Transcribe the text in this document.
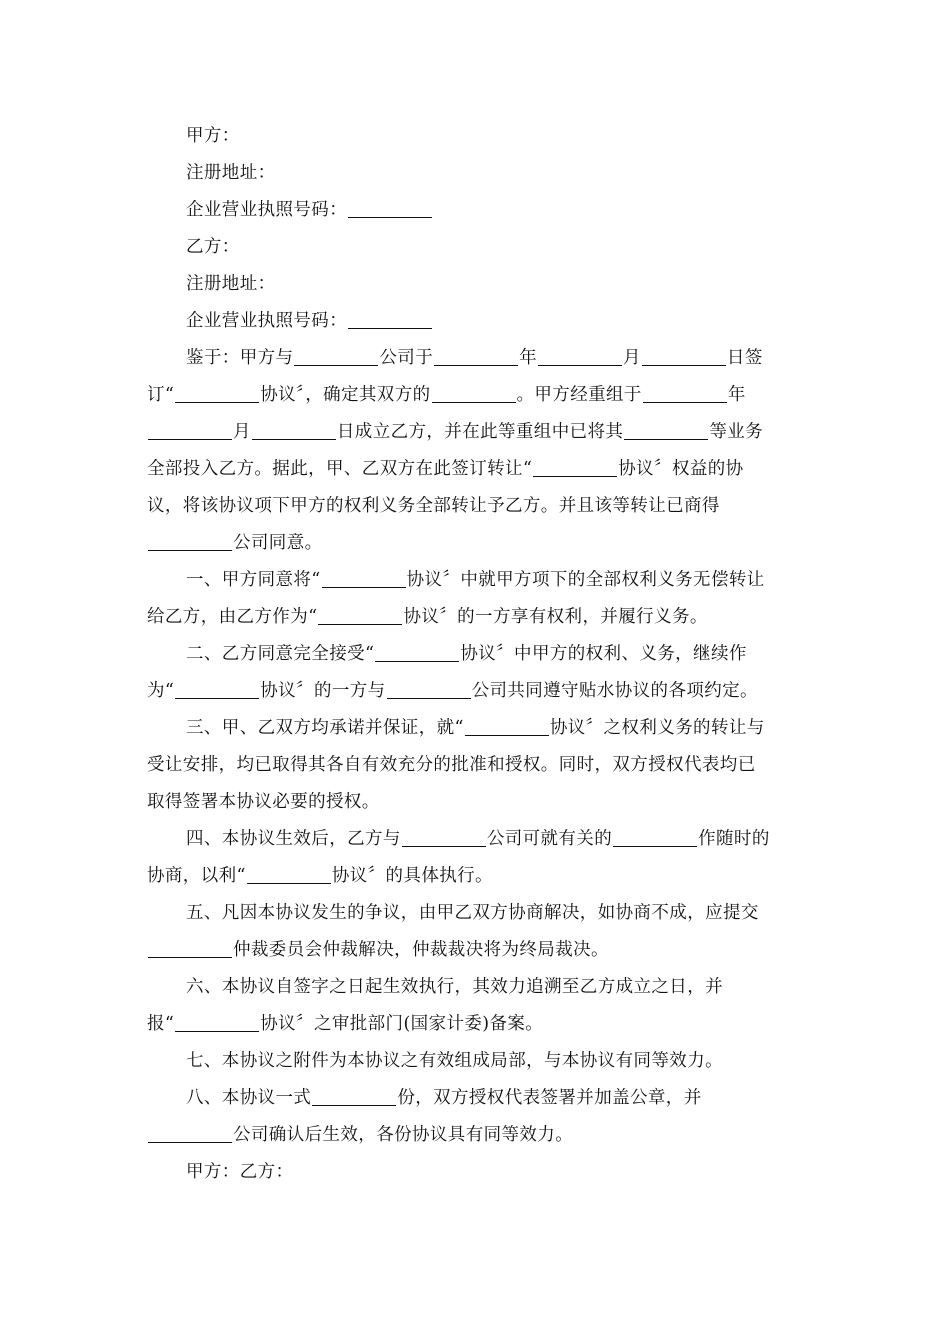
甲方：
注册地址：
企业营业执照号码：
乙方：
注册地址：
企业营业执照号码：
鉴于：甲方与	公司于	年	月	日签
订“	协议〞，确定其双方的	。甲方经重组于	年
月	日成立乙方，并在此等重组中已将其	等业务
全部投入乙方。据此，甲、乙双方在此签订转让“	协议〞权益的协
议，将该协议项下甲方的权利义务全部转让予乙方。并且该等转让已商得
公司同意。
一、甲方同意将“	协议〞中就甲方项下的全部权利义务无偿转让
给乙方，由乙方作为“	协议〞的一方享有权利，并履行义务。
二、乙方同意完全接受“	协议〞中甲方的权利、义务，继续作
为“	协议〞的一方与	公司共同遵守贴水协议的各项约定。
三、甲、乙双方均承诺并保证，就“	协议〞之权利义务的转让与
受让安排，均已取得其各自有效充分的批准和授权。同时，双方授权代表均已
取得签署本协议必要的授权。
四、本协议生效后，乙方与	公司可就有关的	作随时的
协商，以利“	协议〞的具体执行。
五、凡因本协议发生的争议，由甲乙双方协商解决，如协商不成，应提交
仲裁委员会仲裁解决，仲裁裁决将为终局裁决。
六、本协议自签字之日起生效执行，其效力追溯至乙方成立之日，并
报“	协议〞之审批部门(国家计委)备案。
七、本协议之附件为本协议之有效组成局部，与本协议有同等效力。
八、本协议一式	份，双方授权代表签署并加盖公章，并
公司确认后生效，各份协议具有同等效力。
甲方：乙方：
